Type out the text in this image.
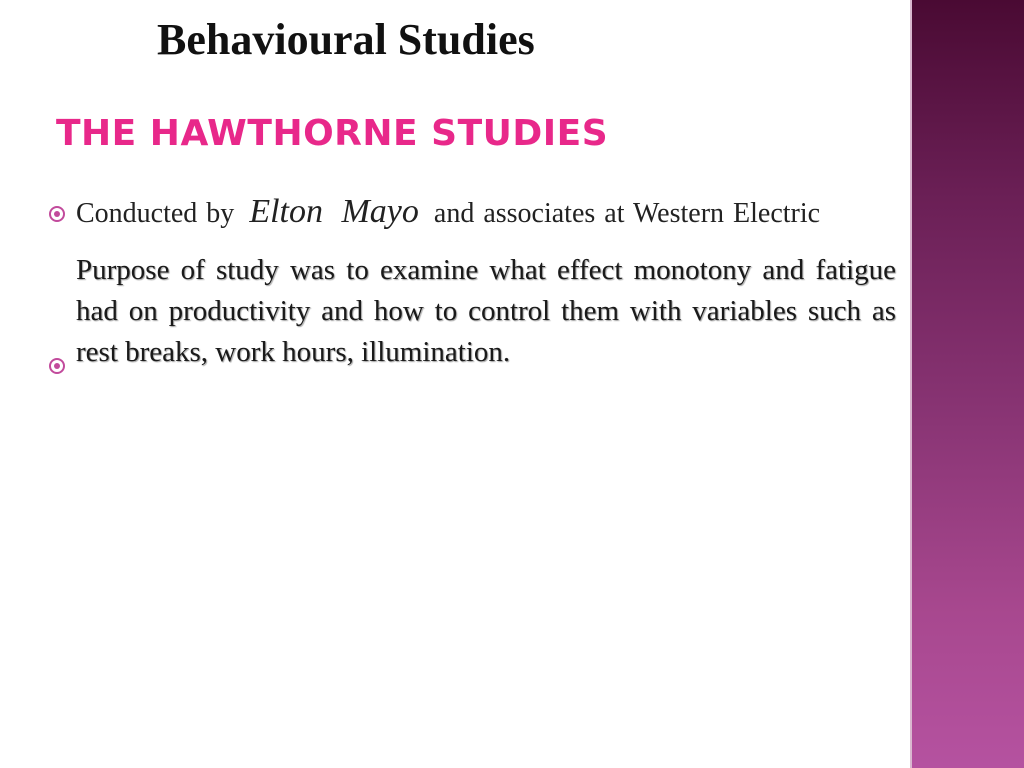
Behavioural Studies
THE HAWTHORNE STUDIES
Conducted by Elton Mayo and associates at Western Electric
Purpose of study was to examine what effect monotony and fatigue had on productivity and how to control them with variables such as rest breaks, work hours, illumination.
